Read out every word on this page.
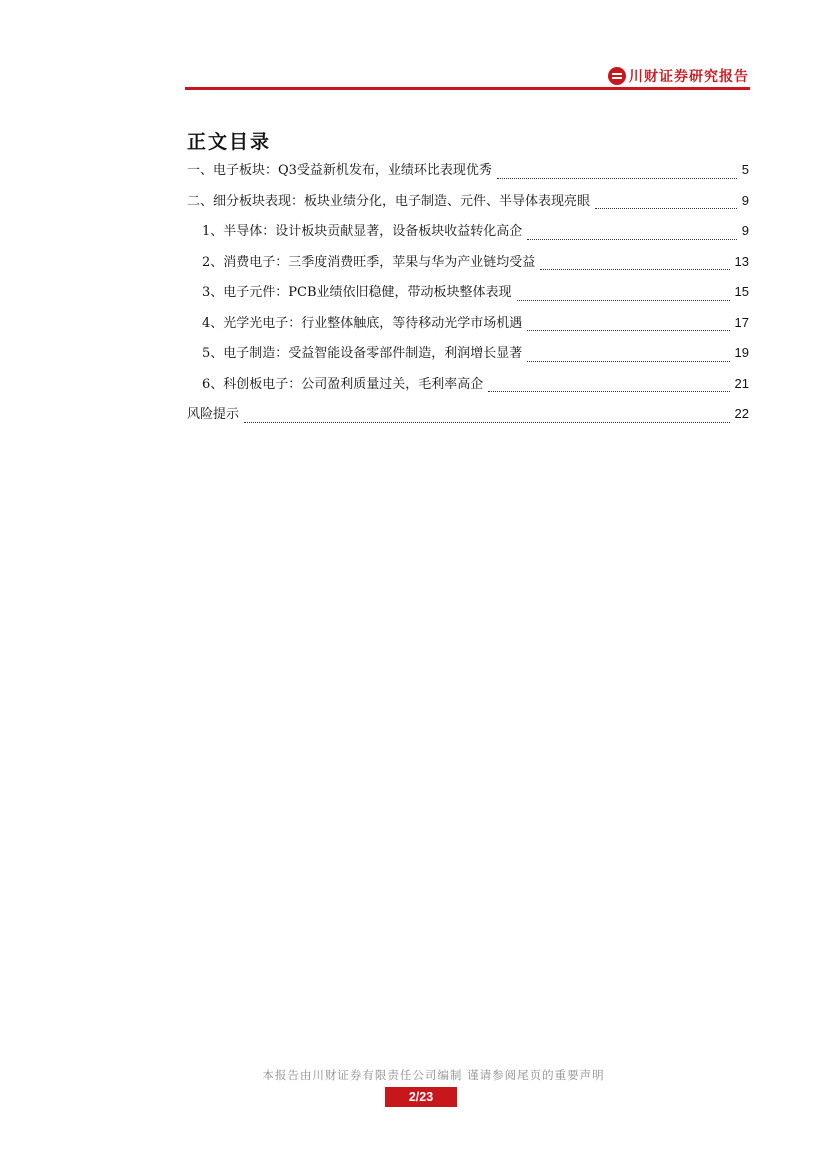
川财证券研究报告
正文目录
一、电子板块：Q3受益新机发布，业绩环比表现优秀	5
二、细分板块表现：板块业绩分化，电子制造、元件、半导体表现亮眼	9
1、半导体：设计板块贡献显著，设备板块收益转化高企	9
2、消费电子：三季度消费旺季，苹果与华为产业链均受益	13
3、电子元件：PCB业绩依旧稳健，带动板块整体表现	15
4、光学光电子：行业整体触底，等待移动光学市场机遇	17
5、电子制造：受益智能设备零部件制造，利润增长显著	19
6、科创板电子：公司盈利质量过关，毛利率高企	21
风险提示	22
本报告由川财证券有限责任公司编制 谨请参阅尾页的重要声明
2/23
